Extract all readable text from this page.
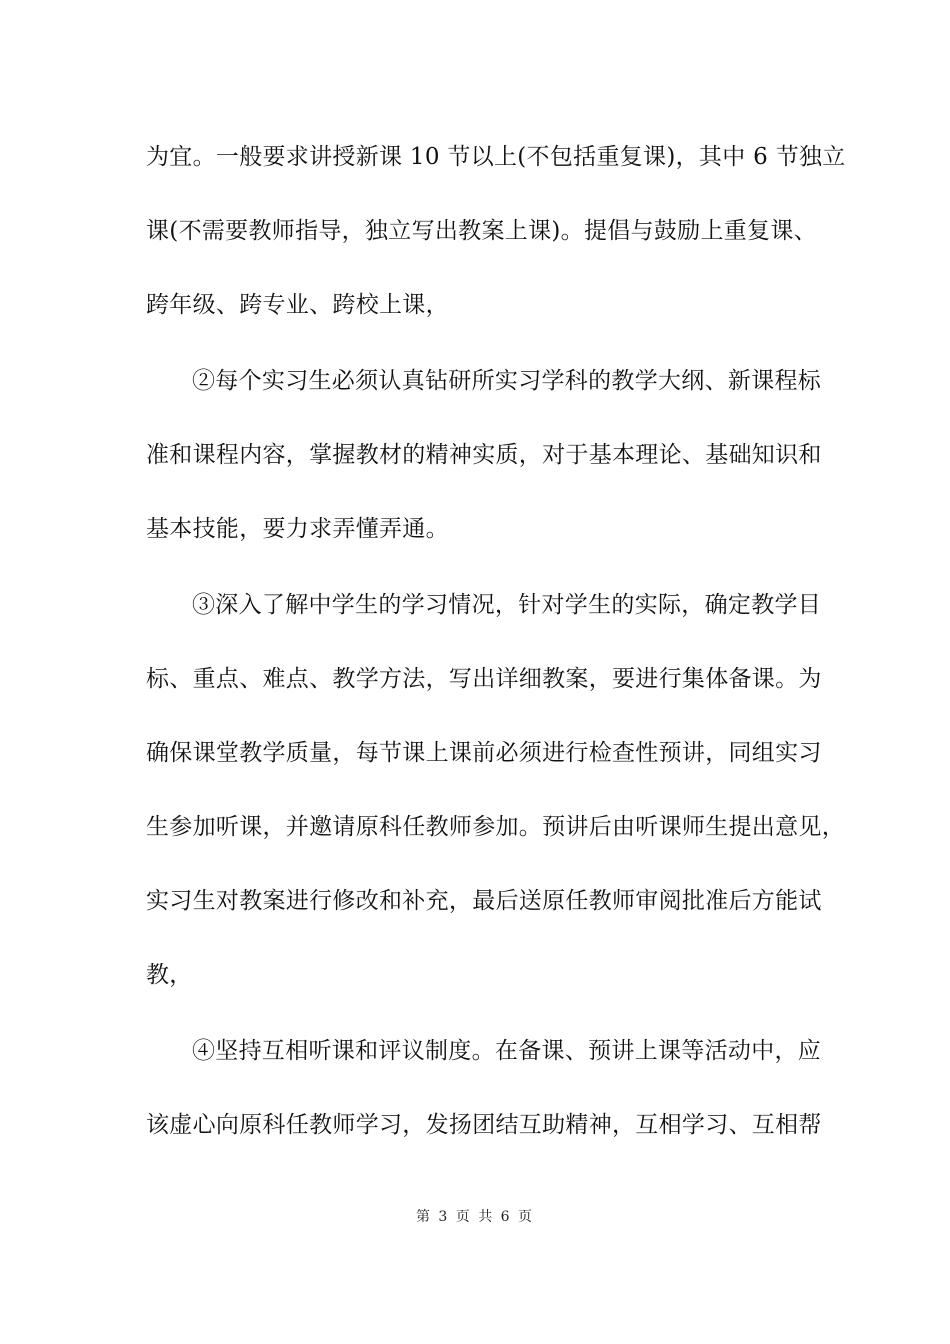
为宜。一般要求讲授新课 10 节以上(不包括重复课)，其中 6 节独立
课(不需要教师指导，独立写出教案上课)。提倡与鼓励上重复课、
跨年级、跨专业、跨校上课，
②每个实习生必须认真钻研所实习学科的教学大纲、新课程标
准和课程内容，掌握教材的精神实质，对于基本理论、基础知识和
基本技能，要力求弄懂弄通。
③深入了解中学生的学习情况，针对学生的实际，确定教学目
标、重点、难点、教学方法，写出详细教案，要进行集体备课。为
确保课堂教学质量，每节课上课前必须进行检查性预讲，同组实习
生参加听课，并邀请原科任教师参加。预讲后由听课师生提出意见，
实习生对教案进行修改和补充，最后送原任教师审阅批准后方能试
教，
④坚持互相听课和评议制度。在备课、预讲上课等活动中，应
该虚心向原科任教师学习，发扬团结互助精神，互相学习、互相帮
第 3 页 共 6 页
